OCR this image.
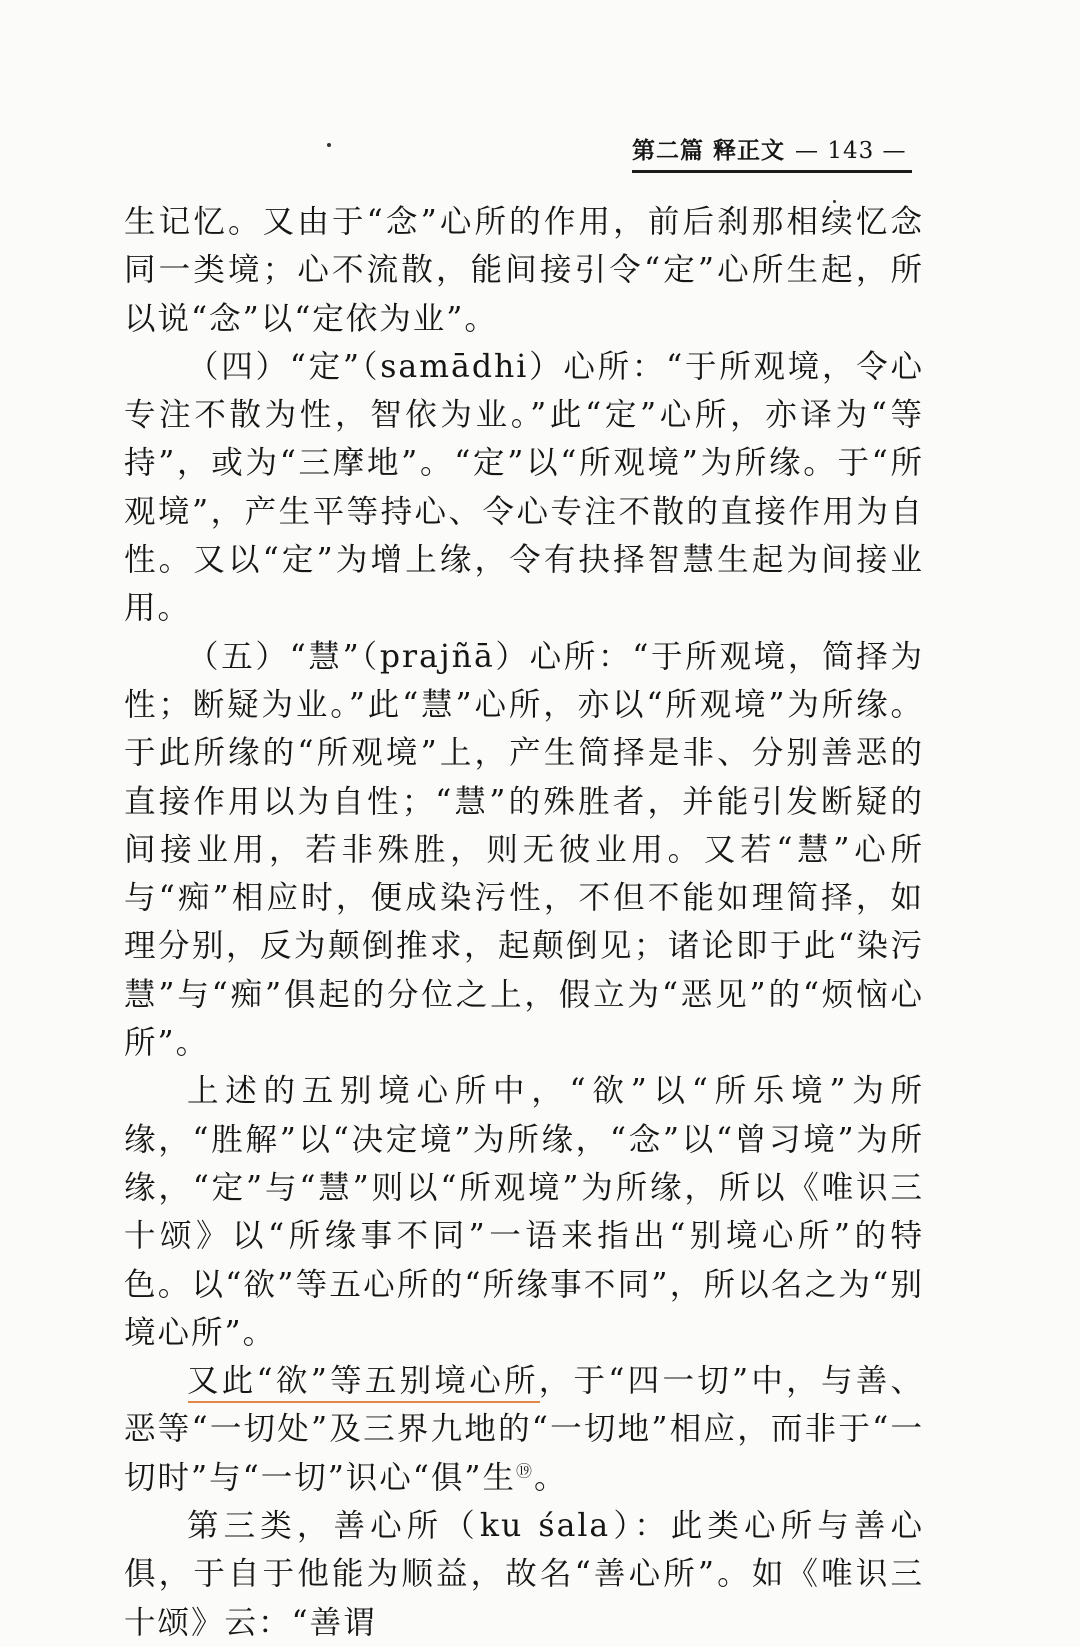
第二篇 释正文 — 143 —

生记忆。又由于“念”心所的作用，前后刹那相续忆念同一类境；心不流散，能间接引令“定”心所生起，所以说“念”以“定依为业”。

（四）“定”（samādhi）心所：“于所观境，令心专注不散为性，智依为业。”此“定”心所，亦译为“等持”，或为“三摩地”。“定”以“所观境”为所缘。于“所观境”，产生平等持心、令心专注不散的直接作用为自性。又以“定”为增上缘，令有抉择智慧生起为间接业用。

（五）“慧”（prajñā）心所：“于所观境，简择为性；断疑为业。”此“慧”心所，亦以“所观境”为所缘。于此所缘的“所观境”上，产生简择是非、分别善恶的直接作用以为自性；“慧”的殊胜者，并能引发断疑的间接业用，若非殊胜，则无彼业用。又若“慧”心所与“痴”相应时，便成染污性，不但不能如理简择，如理分别，反为颠倒推求，起颠倒见；诸论即于此“染污慧”与“痴”俱起的分位之上，假立为“恶见”的“烦恼心所”。

上述的五别境心所中，“欲”以“所乐境”为所缘，“胜解”以“决定境”为所缘，“念”以“曾习境”为所缘，“定”与“慧”则以“所观境”为所缘，所以《唯识三十颂》以“所缘事不同”一语来指出“别境心所”的特色。以“欲”等五心所的“所缘事不同”，所以名之为“别境心所”。

又此“欲”等五别境心所，于“四一切”中，与善、恶等“一切处”及三界九地的“一切地”相应，而非于“一切时”与“一切”识心“俱”生⑲。

第三类，善心所（ku śala）：此类心所与善心俱，于自于他能为顺益，故名“善心所”。如《唯识三十颂》云：“善谓
